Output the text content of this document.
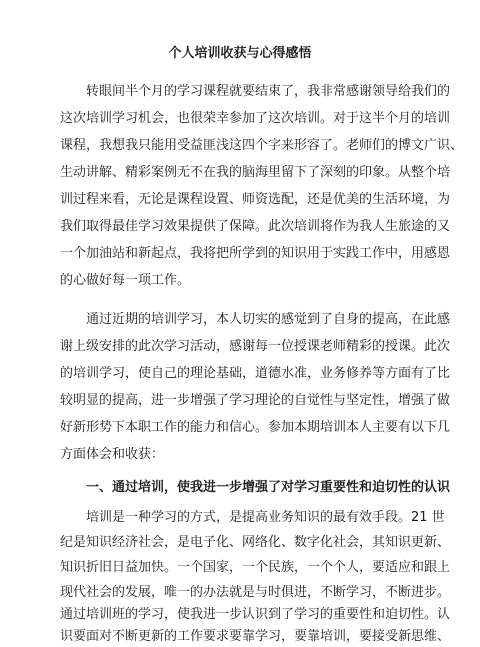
个人培训收获与心得感悟
转眼间半个月的学习课程就要结束了，我非常感谢领导给我们的
这次培训学习机会，也很荣幸参加了这次培训。对于这半个月的培训
课程，我想我只能用受益匪浅这四个字来形容了。老师们的博文广识、
生动讲解、精彩案例无不在我的脑海里留下了深刻的印象。从整个培
训过程来看，无论是课程设置、师资选配，还是优美的生活环境，为
我们取得最佳学习效果提供了保障。此次培训将作为我人生旅途的又
一个加油站和新起点，我将把所学到的知识用于实践工作中，用感恩
的心做好每一项工作。
通过近期的培训学习，本人切实的感觉到了自身的提高，在此感
谢上级安排的此次学习活动，感谢每一位授课老师精彩的授课。此次
的培训学习，使自己的理论基础，道德水准，业务修养等方面有了比
较明显的提高，进一步增强了学习理论的自觉性与坚定性，增强了做
好新形势下本职工作的能力和信心。参加本期培训本人主要有以下几
方面体会和收获：
一、通过培训，使我进一步增强了对学习重要性和迫切性的认识
培训是一种学习的方式，是提高业务知识的最有效手段。21 世
纪是知识经济社会，是电子化、网络化、数字化社会，其知识更新、
知识折旧日益加快。一个国家，一个民族，一个个人，要适应和跟上
现代社会的发展，唯一的办法就是与时俱进，不断学习，不断进步。
通过培训班的学习，使我进一步认识到了学习的重要性和迫切性。认
识要面对不断更新的工作要求要靠学习，要靠培训，要接受新思维、
